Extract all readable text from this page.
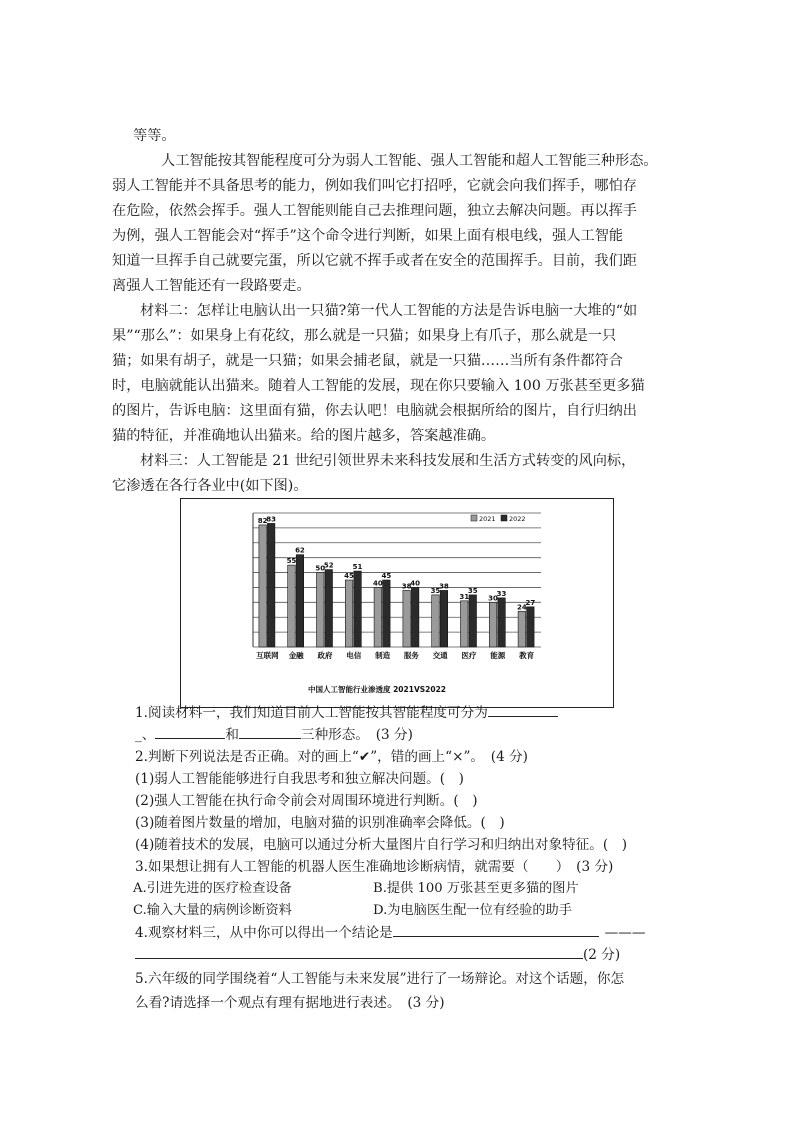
等等。
人工智能按其智能程度可分为弱人工智能、强人工智能和超人工智能三种形态。
弱人工智能并不具备思考的能力，例如我们叫它打招呼，它就会向我们挥手，哪怕存
在危险，依然会挥手。强人工智能则能自己去推理问题，独立去解决问题。再以挥手
为例，强人工智能会对“挥手”这个命令进行判断，如果上面有根电线，强人工智能
知道一旦挥手自己就要完蛋，所以它就不挥手或者在安全的范围挥手。目前，我们距
离强人工智能还有一段路要走。
材料二：怎样让电脑认出一只猫?第一代人工智能的方法是告诉电脑一大堆的“如
果”“那么”：如果身上有花纹，那么就是一只猫；如果身上有爪子，那么就是一只
猫；如果有胡子，就是一只猫；如果会捕老鼠，就是一只猫……当所有条件都符合
时，电脑就能认出猫来。随着人工智能的发展，现在你只要输入 100 万张甚至更多猫
的图片，告诉电脑：这里面有猫，你去认吧！电脑就会根据所给的图片，自行归纳出
猫的特征，并准确地认出猫来。给的图片越多，答案越准确。
材料三：人工智能是 21 世纪引领世界未来科技发展和生活方式转变的风向标，
它渗透在各行各业中(如下图)。
82
83
互联网
55
62
金融
50
52
政府
45
51
电信
40
45
制造
38
40
服务
35
38
交通
31
35
医疗
30
33
能源
24
27
教育
2021 2022
中国人工智能行业渗透度 2021VS2022
1.阅读材料一，我们知道目前人工智能按其智能程度可分为
_、	和	三种形态。　(3 分)
2.判断下列说法是否正确。对的画上“✔”，错的画上“×”。　(4 分)
(1)弱人工智能能够进行自我思考和独立解决问题。(　)
(2)强人工智能在执行命令前会对周围环境进行判断。(　)
(3)随着图片数量的增加，电脑对猫的识别准确率会降低。(　)
(4)随着技术的发展，电脑可以通过分析大量图片自行学习和归纳出对象特征。(　)
3.如果想让拥有人工智能的机器人医生准确地诊断病情，就需要（　　）　(3 分)
A.引进先进的医疗检查设备	B.提供 100 万张甚至更多猫的图片
C.输入大量的病例诊断资料	D.为电脑医生配一位有经验的助手
4.观察材料三，从中你可以得出一个结论是	———
(2 分)
5.六年级的同学围绕着“人工智能与未来发展”进行了一场辩论。对这个话题，你怎
么看?请选择一个观点有理有据地进行表述。　(3 分)
